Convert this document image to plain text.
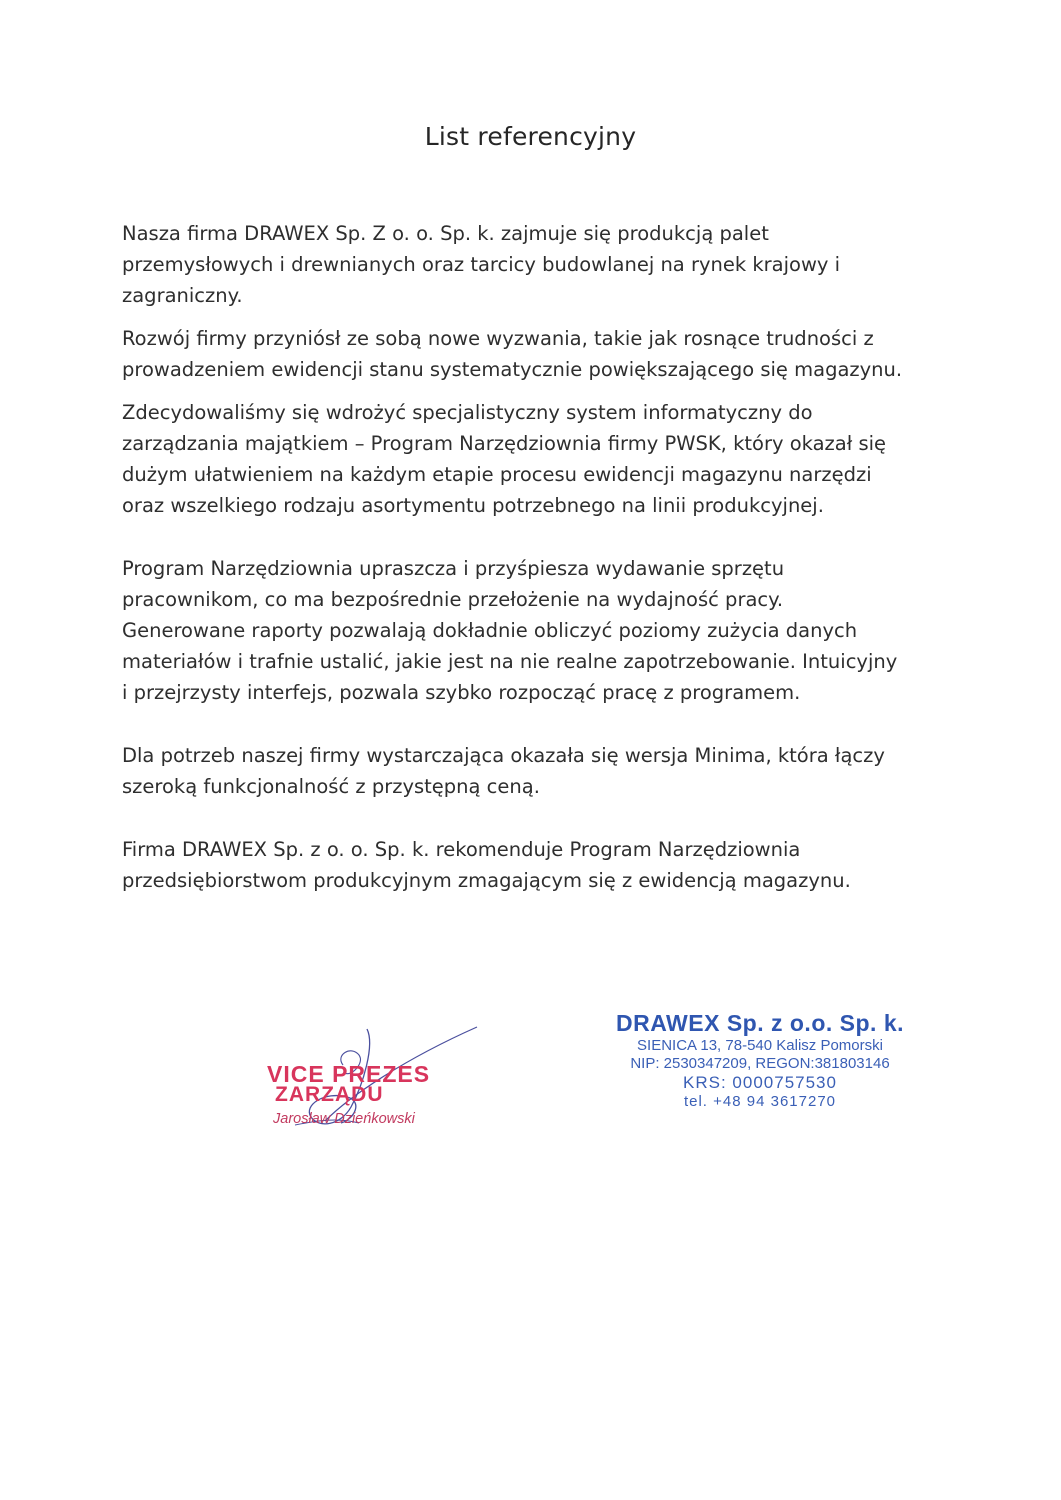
List referencyjny

Nasza firma DRAWEX Sp. Z o. o. Sp. k. zajmuje się produkcją palet
przemysłowych i drewnianych oraz tarcicy budowlanej na rynek krajowy i
zagraniczny.

Rozwój firmy przyniósł ze sobą nowe wyzwania, takie jak rosnące trudności z
prowadzeniem ewidencji stanu systematycznie powiększającego się magazynu.

Zdecydowaliśmy się wdrożyć specjalistyczny system informatyczny do
zarządzania majątkiem – Program Narzędziownia firmy PWSK, który okazał się
dużym ułatwieniem na każdym etapie procesu ewidencji magazynu narzędzi
oraz wszelkiego rodzaju asortymentu potrzebnego na linii produkcyjnej.

Program Narzędziownia upraszcza i przyśpiesza wydawanie sprzętu
pracownikom, co ma bezpośrednie przełożenie na wydajność pracy.
Generowane raporty pozwalają dokładnie obliczyć poziomy zużycia danych
materiałów i trafnie ustalić, jakie jest na nie realne zapotrzebowanie. Intuicyjny
i przejrzysty interfejs, pozwala szybko rozpocząć pracę z programem.

Dla potrzeb naszej firmy wystarczająca okazała się wersja Minima, która łączy
szeroką funkcjonalność z przystępną ceną.

Firma DRAWEX Sp. z o. o. Sp. k. rekomenduje Program Narzędziownia
przedsiębiorstwom produkcyjnym zmagającym się z ewidencją magazynu.

VICE PREZES
ZARZĄDU
Jarosław Dzieńkowski
DRAWEX Sp. z o.o. Sp. k.
SIENICA 13, 78-540 Kalisz Pomorski
NIP: 2530347209, REGON:381803146
KRS: 0000757530
tel. +48 94 3617270
